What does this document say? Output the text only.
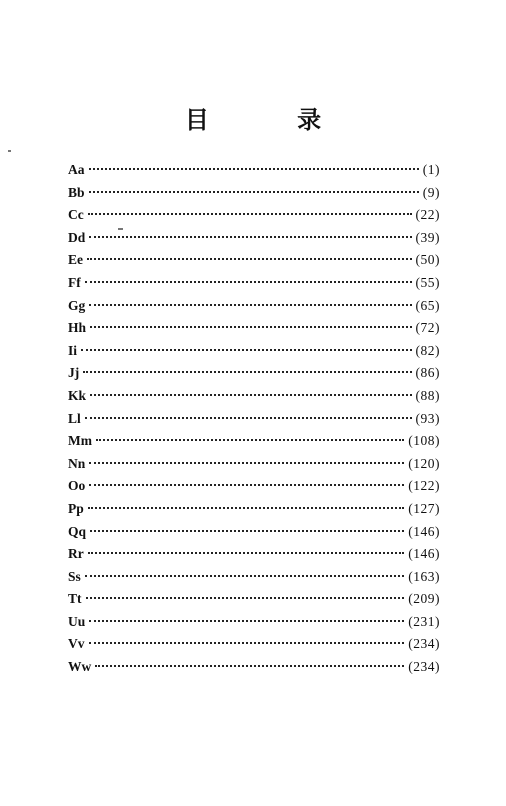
目 录
Aa	(1)
Bb	(9)
Cc	(22)
Dd	(39)
Ee	(50)
Ff	(55)
Gg	(65)
Hh	(72)
Ii	(82)
Jj	(86)
Kk	(88)
Ll	(93)
Mm	(108)
Nn	(120)
Oo	(122)
Pp	(127)
Qq	(146)
Rr	(146)
Ss	(163)
Tt	(209)
Uu	(231)
Vv	(234)
Ww	(234)
